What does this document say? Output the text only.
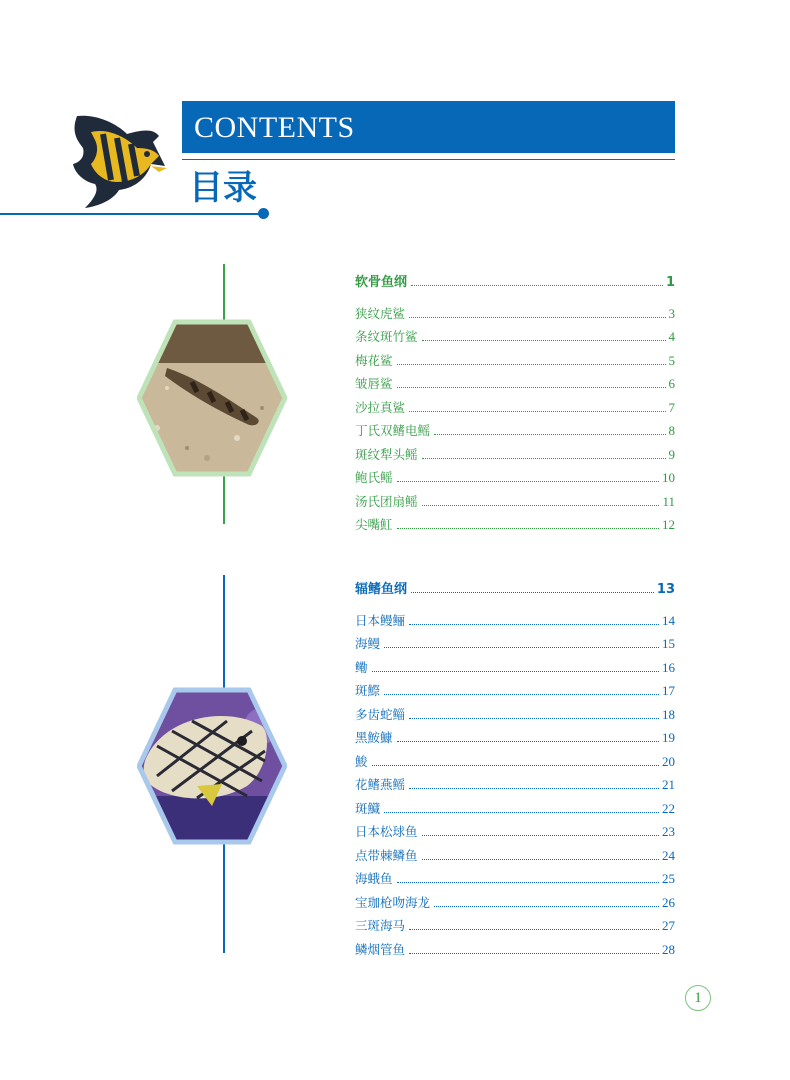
CONTENTS
目录
软骨鱼纲	1
狭纹虎鲨	3
条纹斑竹鲨	4
梅花鲨	5
皱唇鲨	6
沙拉真鲨	7
丁氏双鳍电鳐	8
斑纹犁头鳐	9
鲍氏鳐	10
汤氏团扇鳐	11
尖嘴魟	12
辐鳍鱼纲	13
日本鳗鲡	14
海鳗	15
鳓	16
斑鰶	17
多齿蛇鲻	18
黑鮟鱇	19
鮻	20
花鳍燕鳐	21
斑鱵	22
日本松球鱼	23
点带棘鳞鱼	24
海蛾鱼	25
宝珈枪吻海龙	26
三斑海马	27
鳞烟管鱼	28
1
